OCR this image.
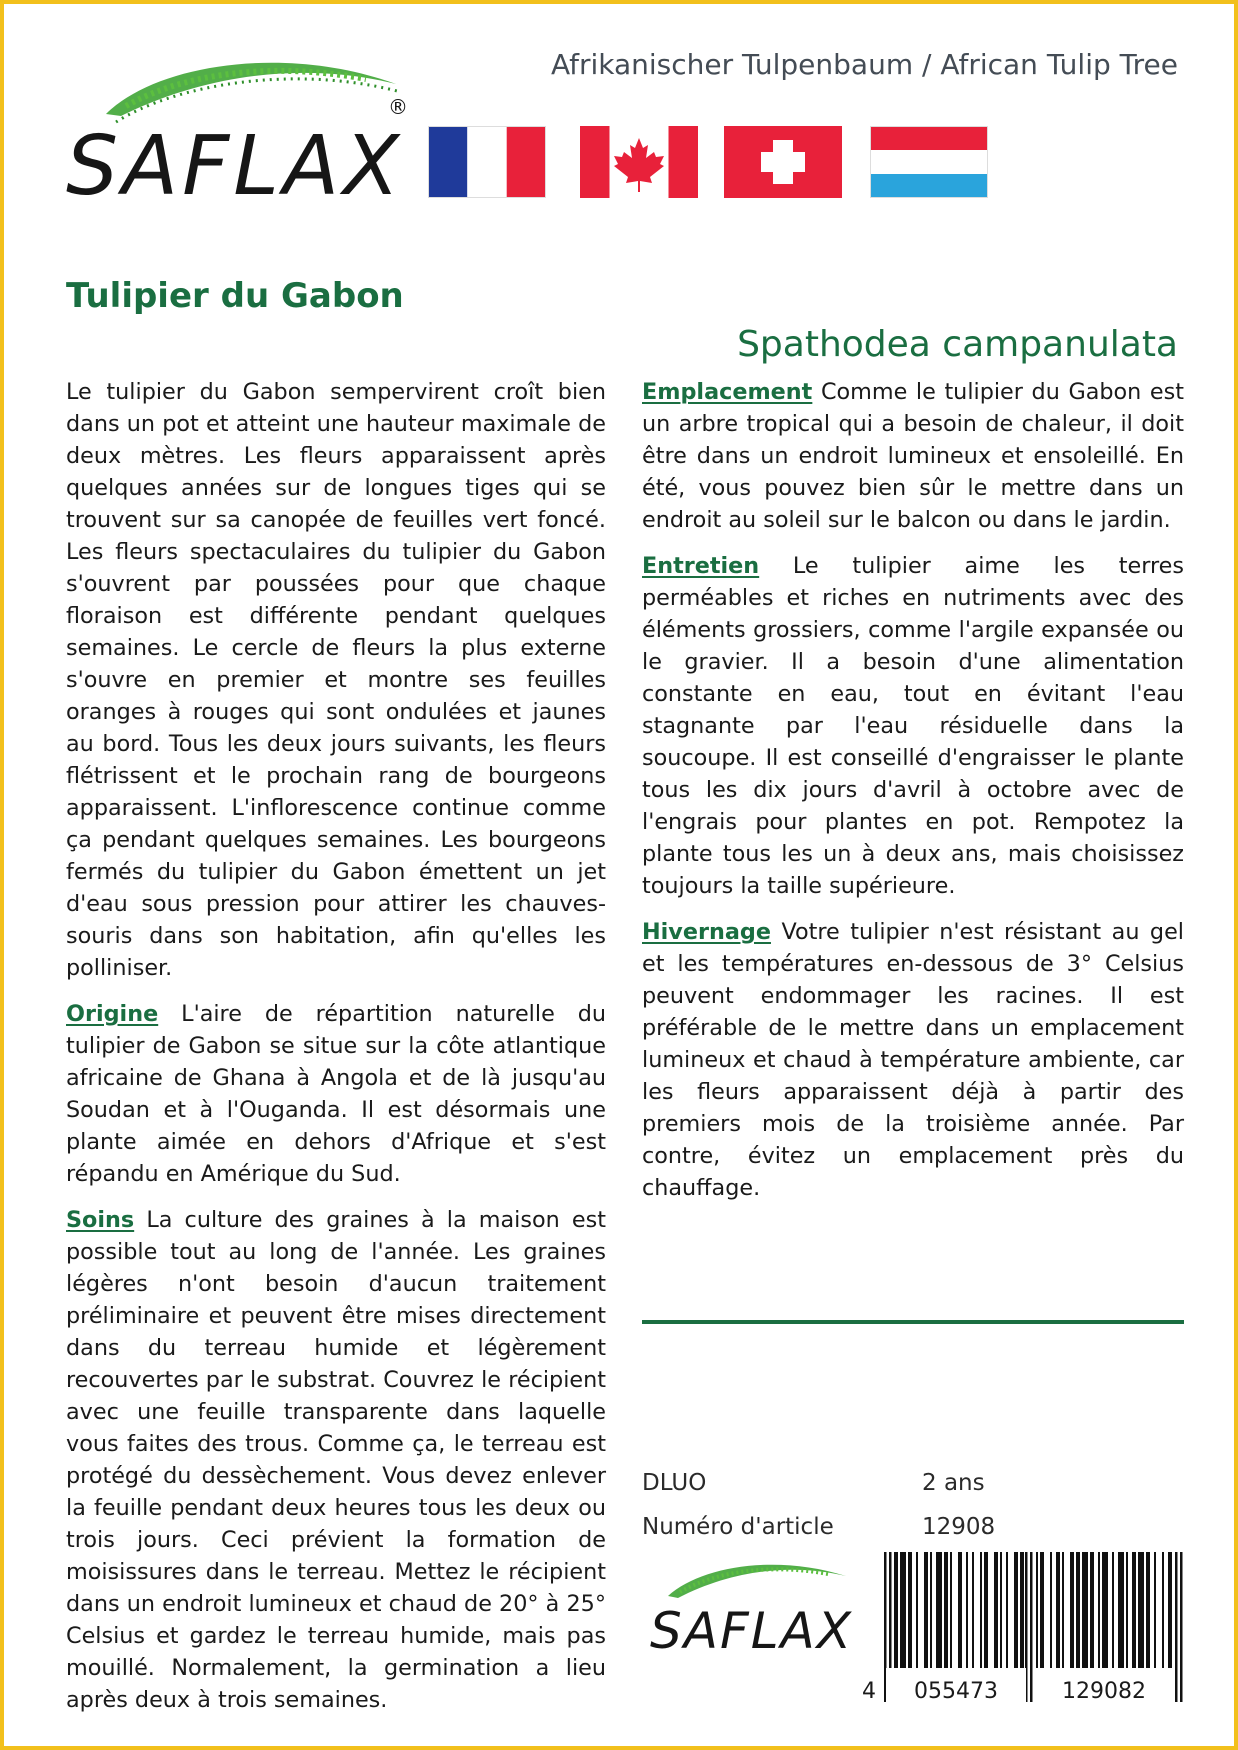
SAFLAX
®
Afrikanischer Tulpenbaum / African Tulip Tree
Tulipier du Gabon
Spathodea campanulata

Le tulipier du Gabon sempervirent croît bien dans un pot et atteint une hauteur maximale de deux mètres. Les fleurs apparaissent après quelques années sur de longues tiges qui se trouvent sur sa canopée de feuilles vert foncé. Les fleurs spectaculaires du tulipier du Gabon s'ouvrent par poussées pour que chaque floraison est différente pendant quelques semaines. Le cercle de fleurs la plus externe s'ouvre en premier et montre ses feuilles oranges à rouges qui sont ondulées et jaunes au bord. Tous les deux jours suivants, les fleurs flétrissent et le prochain rang de bourgeons apparaissent. L'inflorescence continue comme ça pendant quelques semaines. Les bourgeons fermés du tulipier du Gabon émettent un jet d'eau sous pression pour attirer les chauves-souris dans son habitation, afin qu'elles les polliniser.

Origine L'aire de répartition naturelle du tulipier de Gabon se situe sur la côte atlantique africaine de Ghana à Angola et de là jusqu'au Soudan et à l'Ouganda. Il est désormais une plante aimée en dehors d'Afrique et s'est répandu en Amérique du Sud.

Soins La culture des graines à la maison est possible tout au long de l'année. Les graines légères n'ont besoin d'aucun traitement préliminaire et peuvent être mises directement dans du terreau humide et légèrement recouvertes par le substrat. Couvrez le récipient avec une feuille transparente dans laquelle vous faites des trous. Comme ça, le terreau est protégé du dessèchement. Vous devez enlever la feuille pendant deux heures tous les deux ou trois jours. Ceci prévient la formation de moisissures dans le terreau. Mettez le récipient dans un endroit lumineux et chaud de 20° à 25° Celsius et gardez le terreau humide, mais pas mouillé. Normalement, la germination a lieu après deux à trois semaines.

Emplacement Comme le tulipier du Gabon est un arbre tropical qui a besoin de chaleur, il doit être dans un endroit lumineux et ensoleillé. En été, vous pouvez bien sûr le mettre dans un endroit au soleil sur le balcon ou dans le jardin.

Entretien Le tulipier aime les terres perméables et riches en nutriments avec des éléments grossiers, comme l'argile expansée ou le gravier. Il a besoin d'une alimentation constante en eau, tout en évitant l'eau stagnante par l'eau résiduelle dans la soucoupe. Il est conseillé d'engraisser le plante tous les dix jours d'avril à octobre avec de l'engrais pour plantes en pot. Rempotez la plante tous les un à deux ans, mais choisissez toujours la taille supérieure.

Hivernage Votre tulipier n'est résistant au gel et les températures en-dessous de 3° Celsius peuvent endommager les racines. Il est préférable de le mettre dans un emplacement lumineux et chaud à température ambiente, car les fleurs apparaissent déjà à partir des premiers mois de la troisième année. Par contre, évitez un emplacement près du chauffage.

DLUO	2 ans
Numéro d'article	12908
SAFLAX
4 055473	129082
